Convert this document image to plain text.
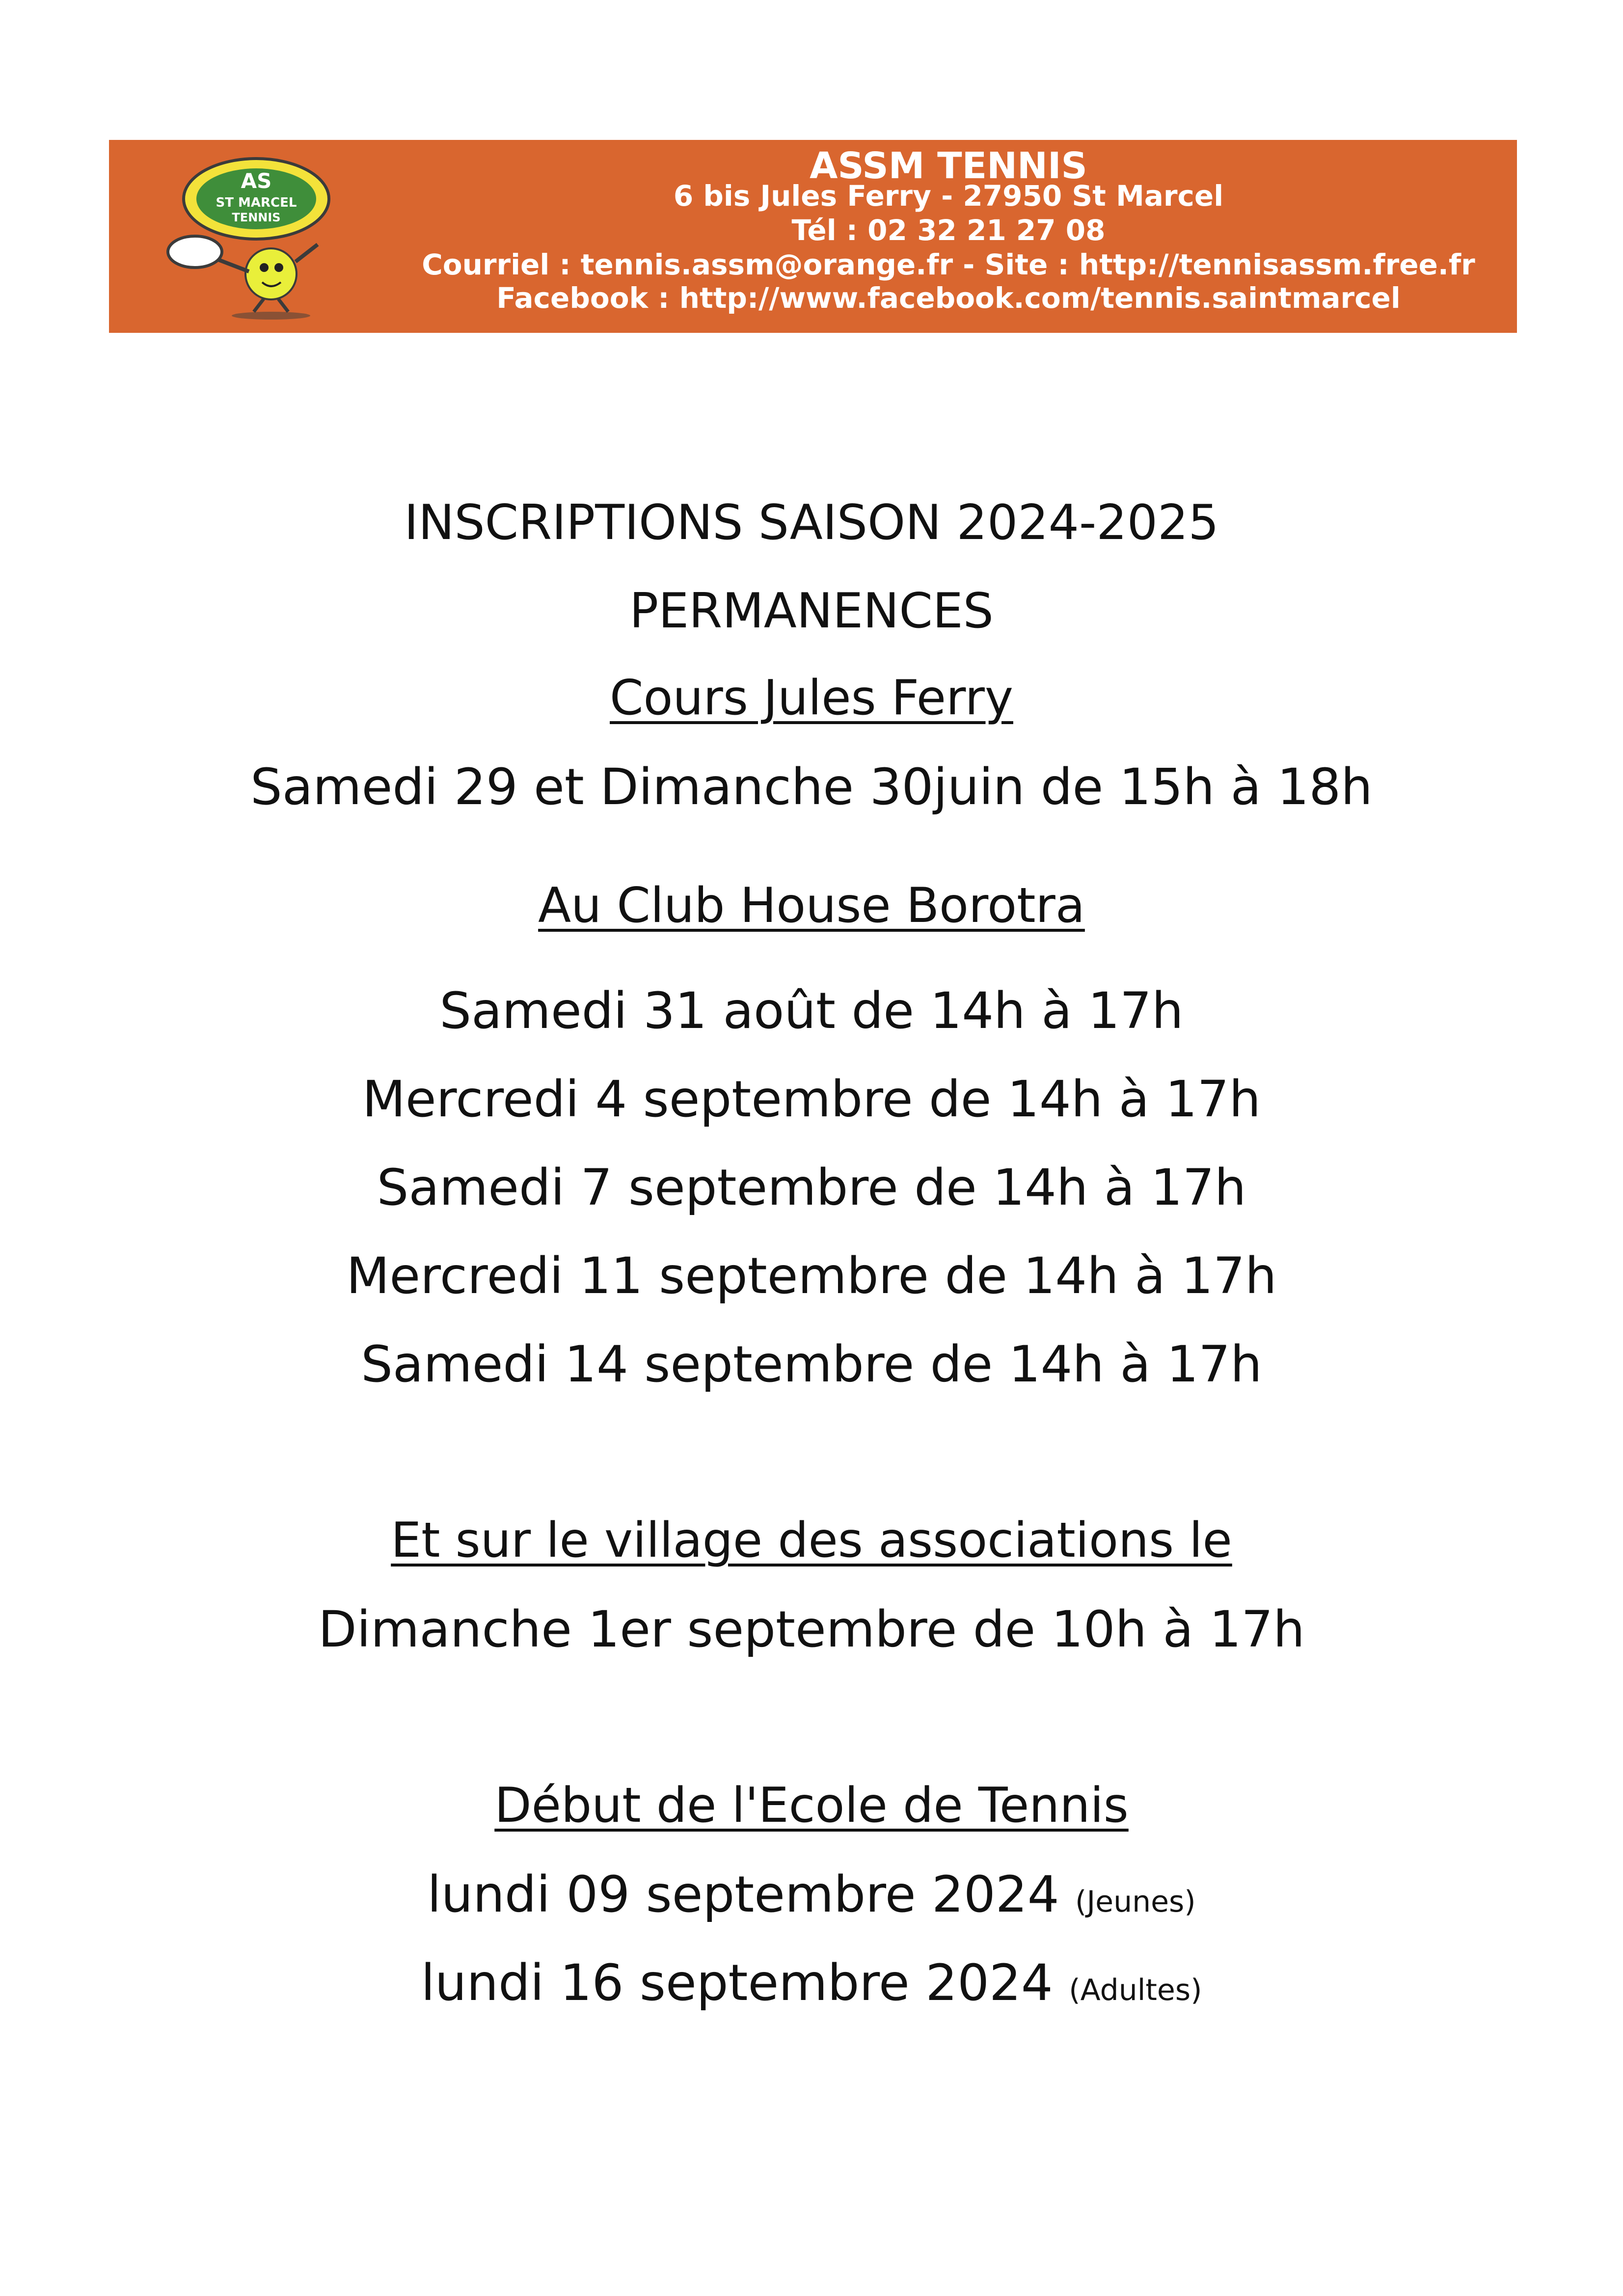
AS
ST MARCEL
TENNIS
ASSM TENNIS
6 bis Jules Ferry - 27950 St Marcel
Tél : 02 32 21 27 08
Courriel : tennis.assm@orange.fr - Site : http://tennisassm.free.fr
Facebook : http://www.facebook.com/tennis.saintmarcel
INSCRIPTIONS SAISON 2024-2025
PERMANENCES
Cours Jules Ferry
Samedi 29 et Dimanche 30juin de 15h à 18h
Au Club House Borotra
Samedi 31 août de 14h à 17h
Mercredi 4 septembre de 14h à 17h
Samedi 7 septembre de 14h à 17h
Mercredi 11 septembre de 14h à 17h
Samedi 14 septembre de 14h à 17h
Et sur le village des associations le
Dimanche 1er septembre de 10h à 17h
Début de l'Ecole de Tennis
lundi 09 septembre 2024 (Jeunes)
lundi 16 septembre 2024 (Adultes)
